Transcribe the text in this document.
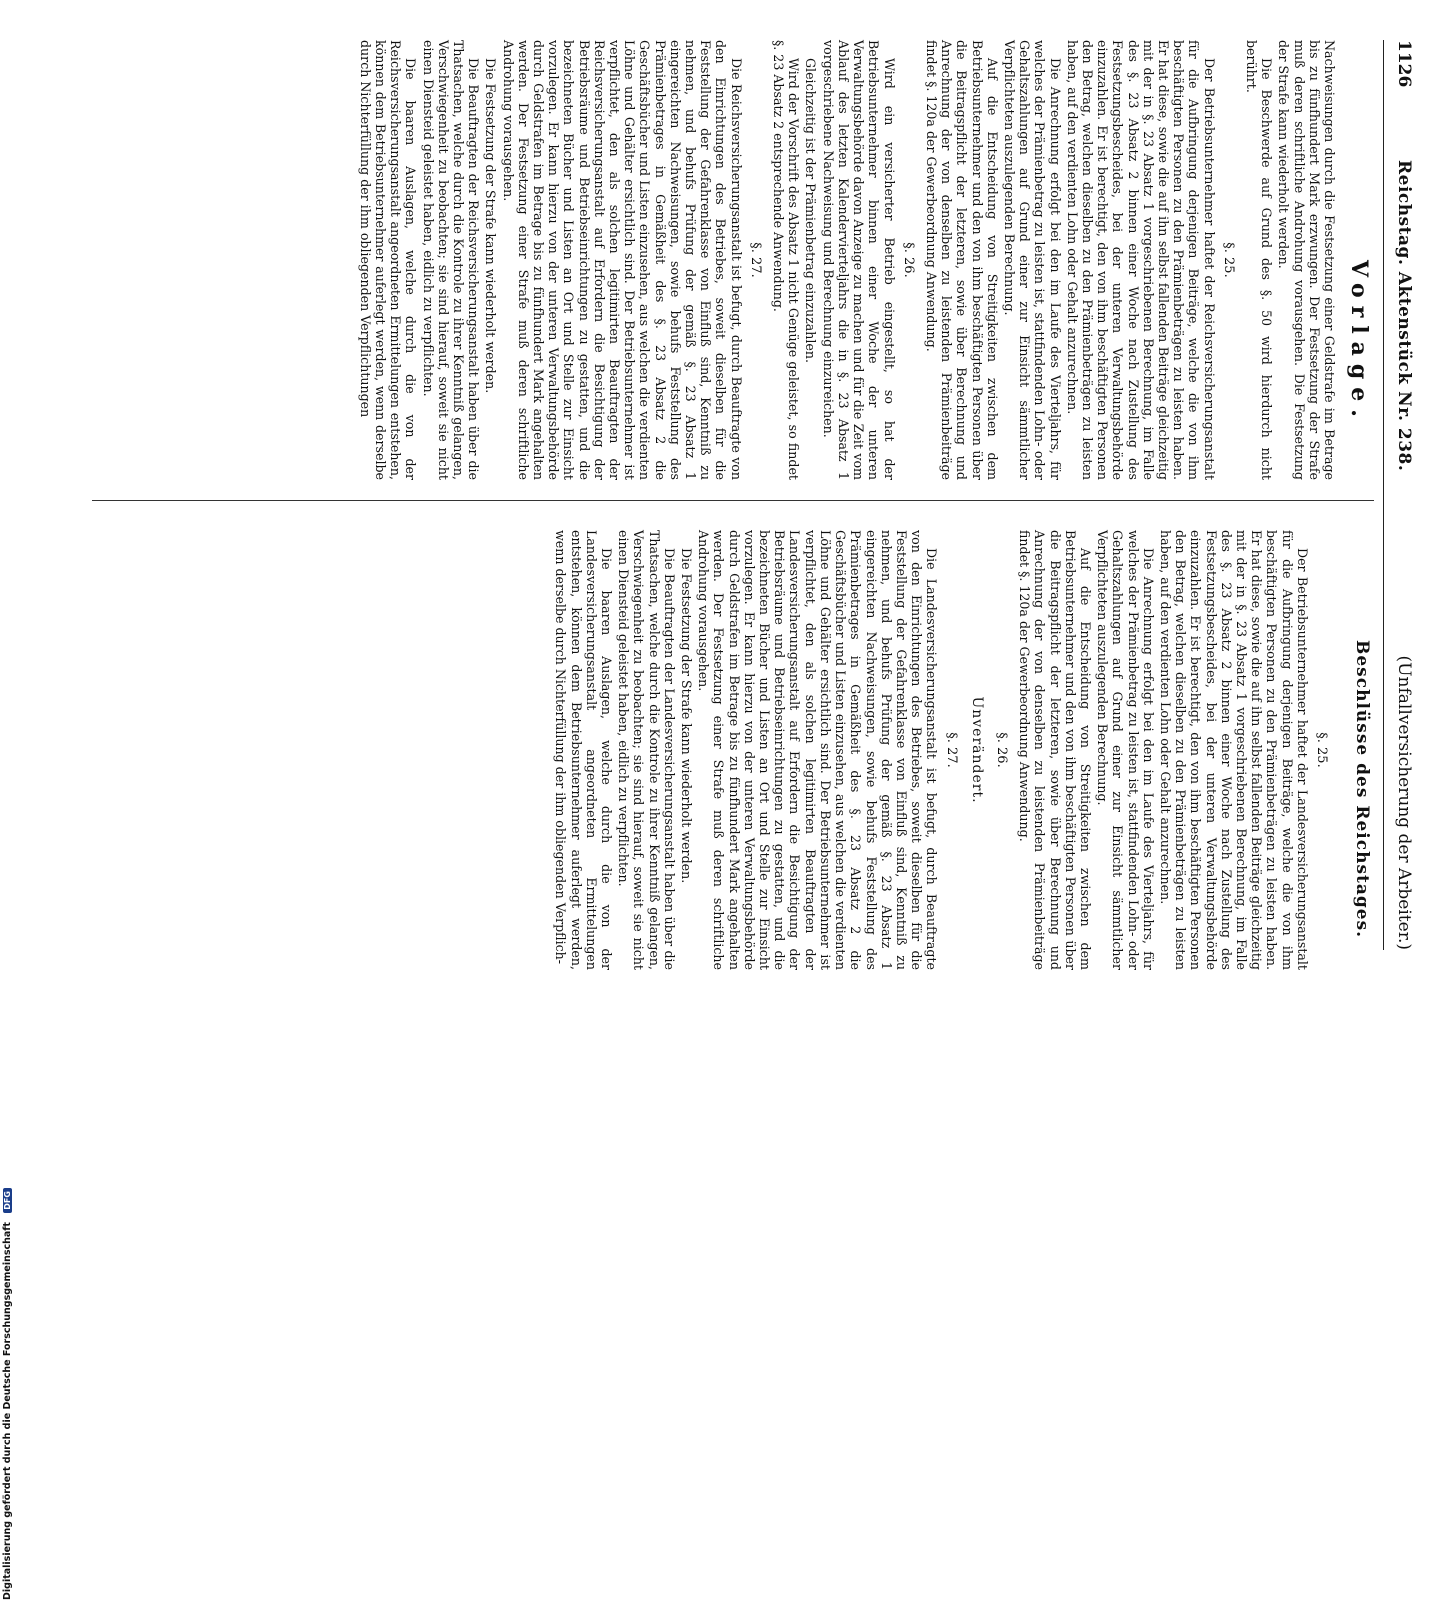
Digitalisierung gefördert durch die Deutsche Forschungsgemeinschaft DFG
1126
Reichstag. Aktenstück Nr. 238.
(Unfallversicherung der Arbeiter.)
Vorlage.
Beschlüsse des Reichstages.

Nachweisungen durch die Festsetzung einer Geldstrafe im Betrage bis zu fünfhundert Mark erzwungen. Der Festsetzung der Strafe muß deren schriftliche Androhung vorausgehen. Die Festsetzung der Strafe kann wiederholt werden.

Die Beschwerde auf Grund des §. 50 wird hierdurch nicht berührt.

§. 25.

Der Betriebsunternehmer haftet der Reichsversicherungsanstalt für die Aufbringung derjenigen Beiträge, welche die von ihm beschäftigten Personen zu den Prämienbeträgen zu leisten haben. Er hat diese, sowie die auf ihn selbst fallenden Beiträge gleichzeitig mit der in §. 23 Absatz 1 vorgeschriebenen Berechnung, im Falle des §. 23 Absatz 2 binnen einer Woche nach Zustellung des Festsetzungsbescheides, bei der unteren Verwaltungsbehörde einzuzahlen. Er ist berechtigt, den von ihm beschäftigten Personen den Betrag, welchen dieselben zu den Prämienbeträgen zu leisten haben, auf den verdienten Lohn oder Gehalt anzurechnen.

Die Anrechnung erfolgt bei den im Laufe des Vierteljahrs, für welches der Prämienbetrag zu leisten ist, stattfindenden Lohn- oder Gehaltszahlungen auf Grund einer zur Einsicht sämmtlicher Verpflichteten auszulegenden Berechnung.

Auf die Entscheidung von Streitigkeiten zwischen dem Betriebsunternehmer und den von ihm beschäftigten Personen über die Beitragspflicht der letzteren, sowie über Berechnung und Anrechnung der von denselben zu leistenden Prämienbeiträge findet §. 120a der Gewerbeordnung Anwendung.

§. 26.

Wird ein versicherter Betrieb eingestellt, so hat der Betriebsunternehmer binnen einer Woche der unteren Verwaltungsbehörde davon Anzeige zu machen und für die Zeit vom Ablauf des letzten Kalendervierteljahrs die in §. 23 Absatz 1 vorgeschriebene Nachweisung und Berechnung einzureichen.

Gleichzeitig ist der Prämienbetrag einzuzahlen.

Wird der Vorschrift des Absatz 1 nicht Genüge geleistet, so findet §. 23 Absatz 2 entsprechende Anwendung.

§. 27.

Die Reichsversicherungsanstalt ist befugt, durch Beauftragte von den Einrichtungen des Betriebes, soweit dieselben für die Feststellung der Gefahrenklasse von Einfluß sind, Kenntniß zu nehmen, und behufs Prüfung der gemäß §. 23 Absatz 1 eingereichten Nachweisungen, sowie behufs Feststellung des Prämienbetrages in Gemäßheit des §. 23 Absatz 2 die Geschäftsbücher und Listen einzusehen, aus welchen die verdienten Löhne und Gehälter ersichtlich sind. Der Betriebsunternehmer ist verpflichtet, den als solchen legitimirten Beauftragten der Reichsversicherungsanstalt auf Erfordern die Besichtigung der Betriebsräume und Betriebseinrichtungen zu gestatten, und die bezeichneten Bücher und Listen an Ort und Stelle zur Einsicht vorzulegen. Er kann hierzu von der unteren Verwaltungsbehörde durch Geldstrafen im Betrage bis zu fünfhundert Mark angehalten werden. Der Festsetzung einer Strafe muß deren schriftliche Androhung vorausgehen.

Die Festsetzung der Strafe kann wiederholt werden.

Die Beauftragten der Reichsversicherungsanstalt haben über die Thatsachen, welche durch die Kontrole zu ihrer Kenntniß gelangen, Verschwiegenheit zu beobachten; sie sind hierauf, soweit sie nicht einen Diensteid geleistet haben, eidlich zu verpflichten.

Die baaren Auslagen, welche durch die von der Reichsversicherungsanstalt angeordneten Ermittelungen entstehen, können dem Betriebsunternehmer auferlegt werden, wenn derselbe durch Nichterfüllung der ihm obliegenden Verpflichtungen

§. 25.

Der Betriebsunternehmer haftet der Landesversicherungsanstalt für die Aufbringung derjenigen Beiträge, welche die von ihm beschäftigten Personen zu den Prämienbeträgen zu leisten haben. Er hat diese, sowie die auf ihn selbst fallenden Beiträge gleichzeitig mit der in §. 23 Absatz 1 vorgeschriebenen Berechnung, im Falle des §. 23 Absatz 2 binnen einer Woche nach Zustellung des Festsetzungsbescheides, bei der unteren Verwaltungsbehörde einzuzahlen. Er ist berechtigt, den von ihm beschäftigten Personen den Betrag, welchen dieselben zu den Prämienbeträgen zu leisten haben, auf den verdienten Lohn oder Gehalt anzurechnen.

Die Anrechnung erfolgt bei den im Laufe des Vierteljahrs, für welches der Prämienbetrag zu leisten ist, stattfindenden Lohn- oder Gehaltszahlungen auf Grund einer zur Einsicht sämmtlicher Verpflichteten auszulegenden Berechnung.

Auf die Entscheidung von Streitigkeiten zwischen dem Betriebsunternehmer und den von ihm beschäftigten Personen über die Beitragspflicht der letzteren, sowie über Berechnung und Anrechnung der von denselben zu leistenden Prämienbeiträge findet §. 120a der Gewerbeordnung Anwendung.

§. 26.
Unverändert.
§. 27.

Die Landesversicherungsanstalt ist befugt, durch Beauftragte von den Einrichtungen des Betriebes, soweit dieselben für die Feststellung der Gefahrenklasse von Einfluß sind, Kenntniß zu nehmen, und behufs Prüfung der gemäß §. 23 Absatz 1 eingereichten Nachweisungen, sowie behufs Feststellung des Prämienbetrages in Gemäßheit des §. 23 Absatz 2 die Geschäftsbücher und Listen einzusehen, aus welchen die verdienten Löhne und Gehälter ersichtlich sind. Der Betriebsunternehmer ist verpflichtet, den als solchen legitimirten Beauftragten der Landesversicherungsanstalt auf Erfordern die Besichtigung der Betriebsräume und Betriebseinrichtungen zu gestatten, und die bezeichneten Bücher und Listen an Ort und Stelle zur Einsicht vorzulegen. Er kann hierzu von der unteren Verwaltungsbehörde durch Geldstrafen im Betrage bis zu fünfhundert Mark angehalten werden. Der Festsetzung einer Strafe muß deren schriftliche Androhung vorausgehen.

Die Festsetzung der Strafe kann wiederholt werden.

Die Beauftragten der Landesversicherungsanstalt haben über die Thatsachen, welche durch die Kontrole zu ihrer Kenntniß gelangen, Verschwiegenheit zu beobachten; sie sind hierauf, soweit sie nicht einen Diensteid geleistet haben, eidlich zu verpflichten.

Die baaren Auslagen, welche durch die von der Landesversicherungsanstalt angeordneten Ermittelungen entstehen, können dem Betriebsunternehmer auferlegt werden, wenn derselbe durch Nichterfüllung der ihm obliegenden Verpflich-
